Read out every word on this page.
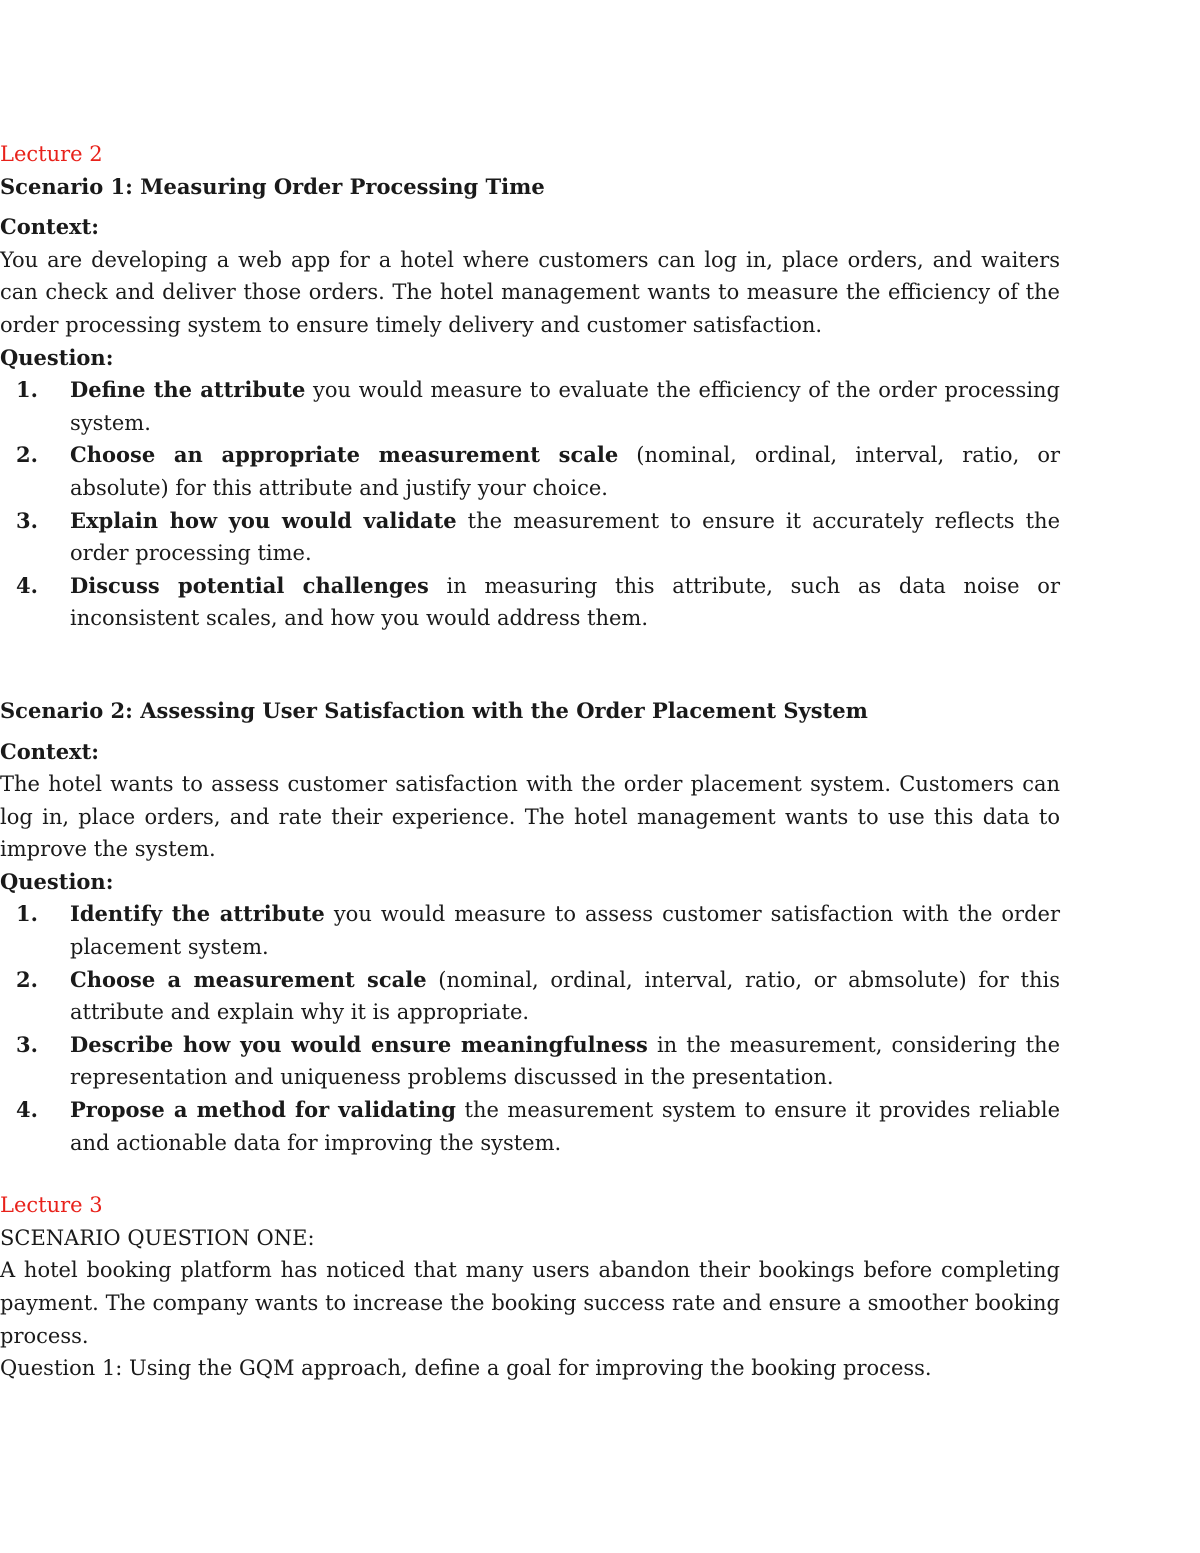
Lecture 2

Scenario 1: Measuring Order Processing Time

Context:

You are developing a web app for a hotel where customers can log in, place orders, and waiters can check and deliver those orders. The hotel management wants to measure the efficiency of the order processing system to ensure timely delivery and customer satisfaction.

Question:

1. Define the attribute you would measure to evaluate the efficiency of the order processing system.
2. Choose an appropriate measurement scale (nominal, ordinal, interval, ratio, or absolute) for this attribute and justify your choice.
3. Explain how you would validate the measurement to ensure it accurately reflects the order processing time.
4. Discuss potential challenges in measuring this attribute, such as data noise or inconsistent scales, and how you would address them.

Scenario 2: Assessing User Satisfaction with the Order Placement System

Context:

The hotel wants to assess customer satisfaction with the order placement system. Customers can log in, place orders, and rate their experience. The hotel management wants to use this data to improve the system.

Question:

1. Identify the attribute you would measure to assess customer satisfaction with the order placement system.
2. Choose a measurement scale (nominal, ordinal, interval, ratio, or abmsolute) for this attribute and explain why it is appropriate.
3. Describe how you would ensure meaningfulness in the measurement, considering the representation and uniqueness problems discussed in the presentation.
4. Propose a method for validating the measurement system to ensure it provides reliable and actionable data for improving the system.

Lecture 3

SCENARIO QUESTION ONE:

A hotel booking platform has noticed that many users abandon their bookings before completing payment. The company wants to increase the booking success rate and ensure a smoother booking process.

Question 1: Using the GQM approach, define a goal for improving the booking process.
